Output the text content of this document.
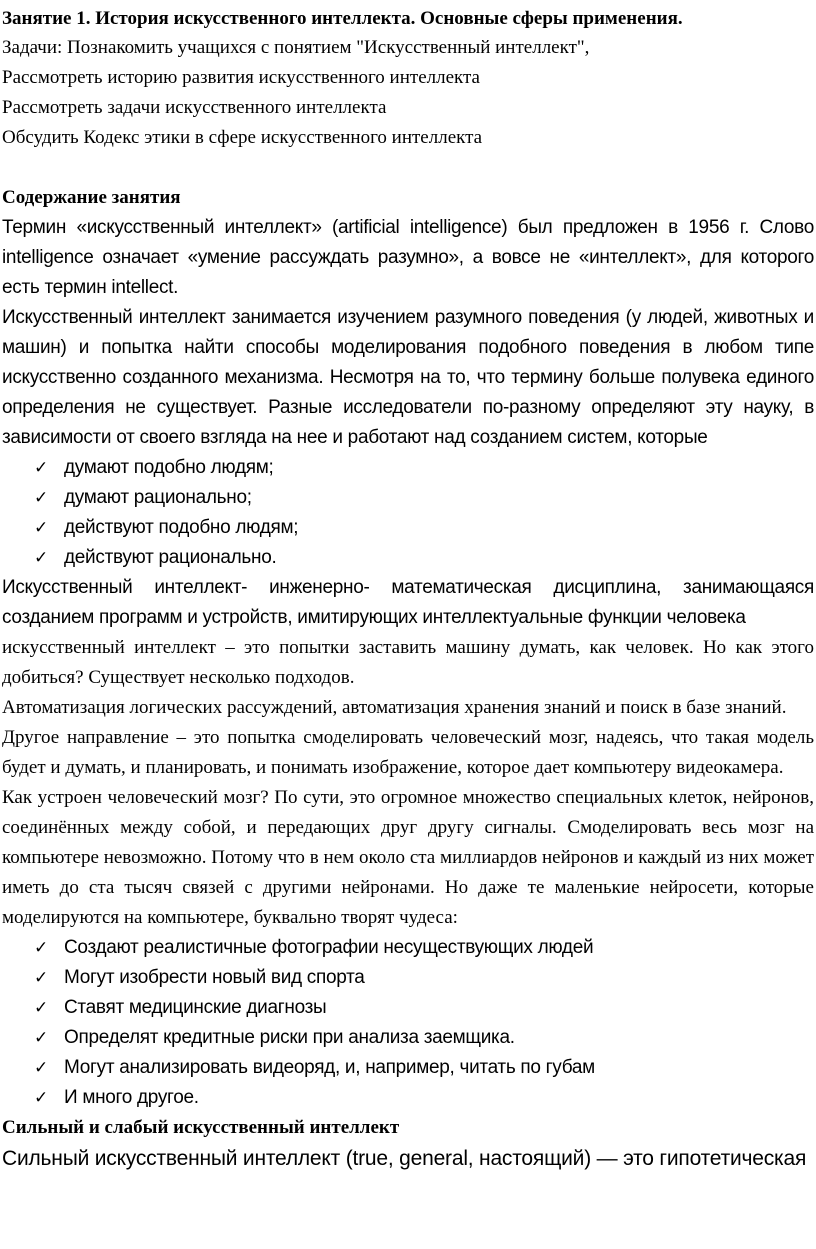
Занятие 1. История искусственного интеллекта. Основные сферы применения.

Задачи: Познакомить учащихся с понятием "Искусственный интеллект",

Рассмотреть историю развития искусственного интеллекта

Рассмотреть задачи искусственного интеллекта

Обсудить Кодекс этики в сфере искусственного интеллекта

Содержание занятия

Термин «искусственный интеллект» (artificial intelligence) был предложен в 1956 г. Слово intelligence означает «умение рассуждать разумно», а вовсе не «интеллект», для которого есть термин intellect.

Искусственный интеллект занимается изучением разумного поведения (у людей, животных и машин) и попытка найти способы моделирования подобного поведения в любом типе искусственно созданного механизма. Несмотря на то, что термину больше полувека единого определения не существует. Разные исследователи по-разному определяют эту науку, в зависимости от своего взгляда на нее и работают над созданием систем, которые

✓ думают подобно людям;
✓ думают рационально;
✓ действуют подобно людям;
✓ действуют рационально.

Искусственный интеллект- инженерно- математическая дисциплина, занимающаяся созданием программ и устройств, имитирующих интеллектуальные функции человека

искусственный интеллект – это попытки заставить машину думать, как человек. Но как этого добиться? Существует несколько подходов.

Автоматизация логических рассуждений, автоматизация хранения знаний и поиск в базе знаний.

Другое направление – это попытка смоделировать человеческий мозг, надеясь, что такая модель будет и думать, и планировать, и понимать изображение, которое дает компьютеру видеокамера.

Как устроен человеческий мозг? По сути, это огромное множество специальных клеток, нейронов, соединённых между собой, и передающих друг другу сигналы. Смоделировать весь мозг на компьютере невозможно. Потому что в нем около ста миллиардов нейронов и каждый из них может иметь до ста тысяч связей с другими нейронами. Но даже те маленькие нейросети, которые моделируются на компьютере, буквально творят чудеса:

✓ Создают реалистичные фотографии несуществующих людей
✓ Могут изобрести новый вид спорта
✓ Ставят медицинские диагнозы
✓ Определят кредитные риски при анализа заемщика.
✓ Могут анализировать видеоряд, и, например, читать по губам
✓ И много другое.

Сильный и слабый искусственный интеллект

Сильный искусственный интеллект (true, general, настоящий) — это гипотетическая
